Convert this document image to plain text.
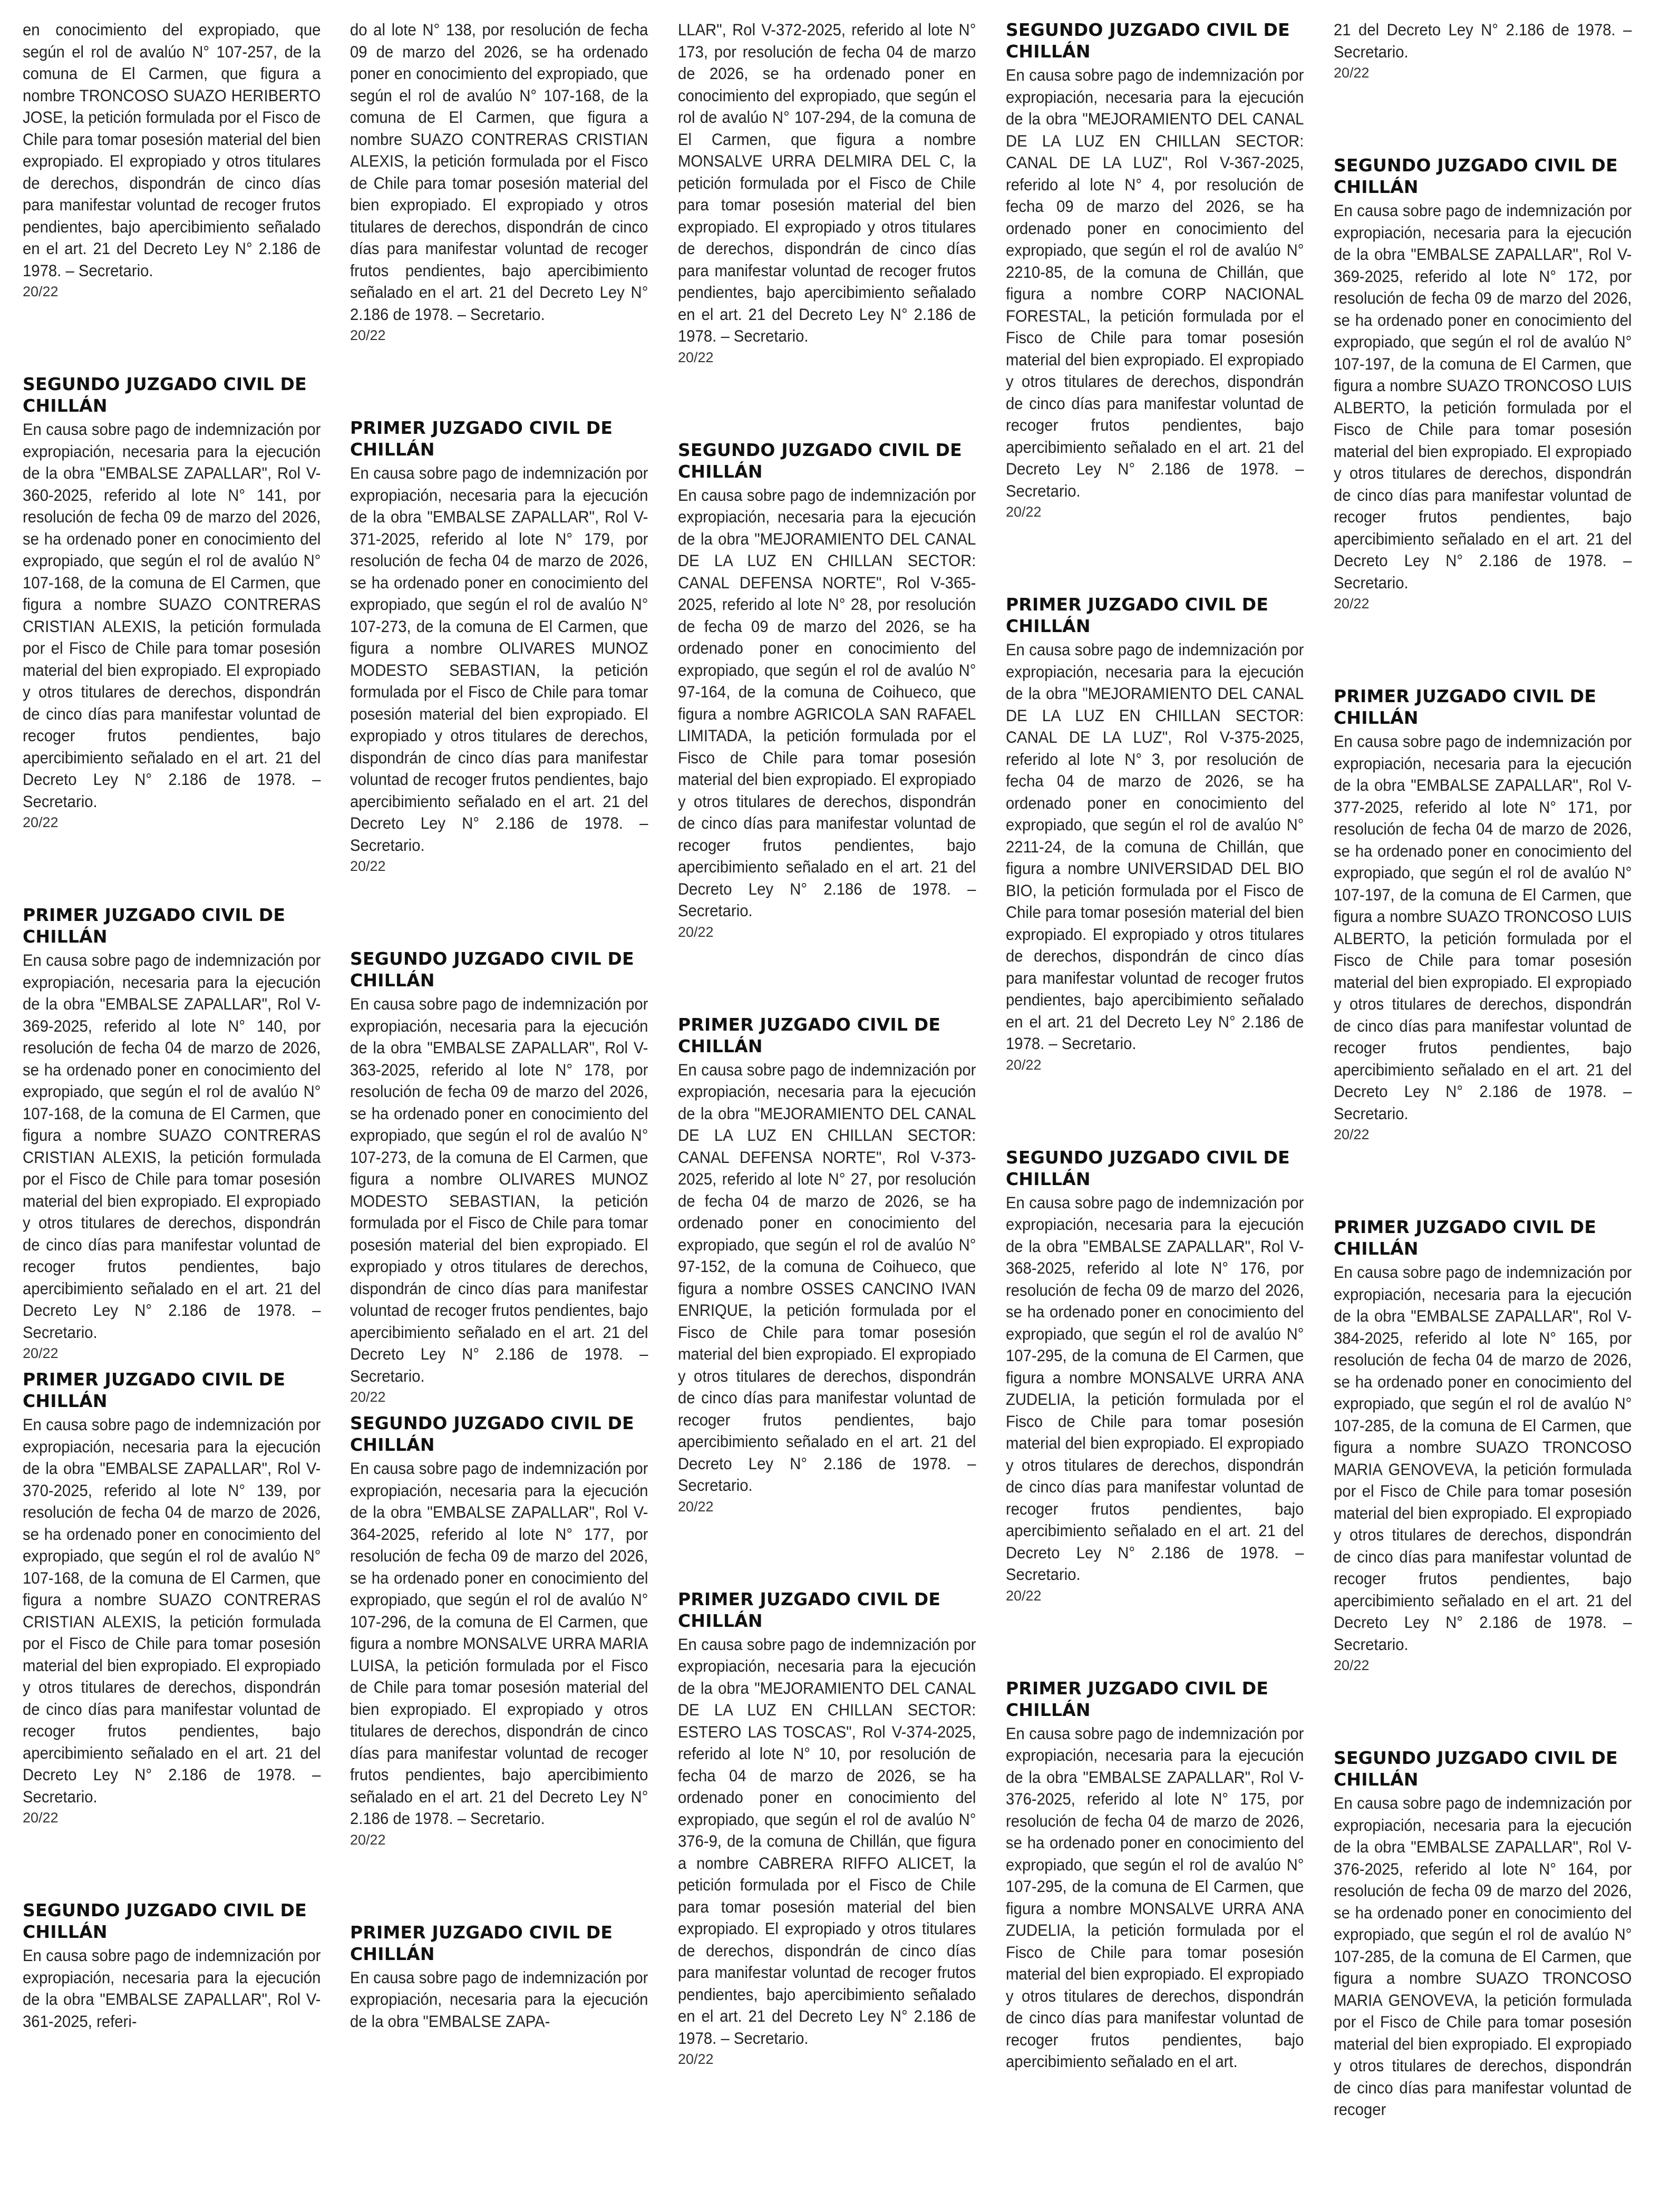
en conocimiento del expropiado, que según el rol de avalúo N° 107-257, de la comuna de El Carmen, que figura a nombre TRONCOSO SUAZO HERIBERTO JOSE, la petición formulada por el Fisco de Chile para tomar posesión material del bien expropiado. El expropiado y otros titulares de derechos, dispondrán de cinco días para manifestar voluntad de recoger frutos pendientes, bajo apercibimiento señalado en el art. 21 del Decreto Ley N° 2.186 de 1978. – Secretario.

20/22

SEGUNDO JUZGADO CIVIL DE CHILLÁN

En causa sobre pago de indemnización por expropiación, necesaria para la ejecución de la obra "EMBALSE ZAPALLAR", Rol V-360-2025, referido al lote N° 141, por resolución de fecha 09 de marzo del 2026, se ha ordenado poner en conocimiento del expropiado, que según el rol de avalúo N° 107-168, de la comuna de El Carmen, que figura a nombre SUAZO CONTRERAS CRISTIAN ALEXIS, la petición formulada por el Fisco de Chile para tomar posesión material del bien expropiado. El expropiado y otros titulares de derechos, dispondrán de cinco días para manifestar voluntad de recoger frutos pendientes, bajo apercibimiento señalado en el art. 21 del Decreto Ley N° 2.186 de 1978. – Secretario.

20/22

PRIMER JUZGADO CIVIL DE CHILLÁN

En causa sobre pago de indemnización por expropiación, necesaria para la ejecución de la obra "EMBALSE ZAPALLAR", Rol V-369-2025, referido al lote N° 140, por resolución de fecha 04 de marzo de 2026, se ha ordenado poner en conocimiento del expropiado, que según el rol de avalúo N° 107-168, de la comuna de El Carmen, que figura a nombre SUAZO CONTRERAS CRISTIAN ALEXIS, la petición formulada por el Fisco de Chile para tomar posesión material del bien expropiado. El expropiado y otros titulares de derechos, dispondrán de cinco días para manifestar voluntad de recoger frutos pendientes, bajo apercibimiento señalado en el art. 21 del Decreto Ley N° 2.186 de 1978. – Secretario.

20/22

PRIMER JUZGADO CIVIL DE CHILLÁN

En causa sobre pago de indemnización por expropiación, necesaria para la ejecución de la obra "EMBALSE ZAPALLAR", Rol V-370-2025, referido al lote N° 139, por resolución de fecha 04 de marzo de 2026, se ha ordenado poner en conocimiento del expropiado, que según el rol de avalúo N° 107-168, de la comuna de El Carmen, que figura a nombre SUAZO CONTRERAS CRISTIAN ALEXIS, la petición formulada por el Fisco de Chile para tomar posesión material del bien expropiado. El expropiado y otros titulares de derechos, dispondrán de cinco días para manifestar voluntad de recoger frutos pendientes, bajo apercibimiento señalado en el art. 21 del Decreto Ley N° 2.186 de 1978. – Secretario.

20/22

SEGUNDO JUZGADO CIVIL DE CHILLÁN

En causa sobre pago de indemnización por expropiación, necesaria para la ejecución de la obra "EMBALSE ZAPALLAR", Rol V-361-2025, referi-

do al lote N° 138, por resolución de fecha 09 de marzo del 2026, se ha ordenado poner en conocimiento del expropiado, que según el rol de avalúo N° 107-168, de la comuna de El Carmen, que figura a nombre SUAZO CONTRERAS CRISTIAN ALEXIS, la petición formulada por el Fisco de Chile para tomar posesión material del bien expropiado. El expropiado y otros titulares de derechos, dispondrán de cinco días para manifestar voluntad de recoger frutos pendientes, bajo apercibimiento señalado en el art. 21 del Decreto Ley N° 2.186 de 1978. – Secretario.

20/22

PRIMER JUZGADO CIVIL DE CHILLÁN

En causa sobre pago de indemnización por expropiación, necesaria para la ejecución de la obra "EMBALSE ZAPALLAR", Rol V-371-2025, referido al lote N° 179, por resolución de fecha 04 de marzo de 2026, se ha ordenado poner en conocimiento del expropiado, que según el rol de avalúo N° 107-273, de la comuna de El Carmen, que figura a nombre OLIVARES MUNOZ MODESTO SEBASTIAN, la petición formulada por el Fisco de Chile para tomar posesión material del bien expropiado. El expropiado y otros titulares de derechos, dispondrán de cinco días para manifestar voluntad de recoger frutos pendientes, bajo apercibimiento señalado en el art. 21 del Decreto Ley N° 2.186 de 1978. – Secretario.

20/22

SEGUNDO JUZGADO CIVIL DE CHILLÁN

En causa sobre pago de indemnización por expropiación, necesaria para la ejecución de la obra "EMBALSE ZAPALLAR", Rol V-363-2025, referido al lote N° 178, por resolución de fecha 09 de marzo del 2026, se ha ordenado poner en conocimiento del expropiado, que según el rol de avalúo N° 107-273, de la comuna de El Carmen, que figura a nombre OLIVARES MUNOZ MODESTO SEBASTIAN, la petición formulada por el Fisco de Chile para tomar posesión material del bien expropiado. El expropiado y otros titulares de derechos, dispondrán de cinco días para manifestar voluntad de recoger frutos pendientes, bajo apercibimiento señalado en el art. 21 del Decreto Ley N° 2.186 de 1978. – Secretario.

20/22

SEGUNDO JUZGADO CIVIL DE CHILLÁN

En causa sobre pago de indemnización por expropiación, necesaria para la ejecución de la obra "EMBALSE ZAPALLAR", Rol V-364-2025, referido al lote N° 177, por resolución de fecha 09 de marzo del 2026, se ha ordenado poner en conocimiento del expropiado, que según el rol de avalúo N° 107-296, de la comuna de El Carmen, que figura a nombre MONSALVE URRA MARIA LUISA, la petición formulada por el Fisco de Chile para tomar posesión material del bien expropiado. El expropiado y otros titulares de derechos, dispondrán de cinco días para manifestar voluntad de recoger frutos pendientes, bajo apercibimiento señalado en el art. 21 del Decreto Ley N° 2.186 de 1978. – Secretario.

20/22

PRIMER JUZGADO CIVIL DE CHILLÁN

En causa sobre pago de indemnización por expropiación, necesaria para la ejecución de la obra "EMBALSE ZAPA-

LLAR", Rol V-372-2025, referido al lote N° 173, por resolución de fecha 04 de marzo de 2026, se ha ordenado poner en conocimiento del expropiado, que según el rol de avalúo N° 107-294, de la comuna de El Carmen, que figura a nombre MONSALVE URRA DELMIRA DEL C, la petición formulada por el Fisco de Chile para tomar posesión material del bien expropiado. El expropiado y otros titulares de derechos, dispondrán de cinco días para manifestar voluntad de recoger frutos pendientes, bajo apercibimiento señalado en el art. 21 del Decreto Ley N° 2.186 de 1978. – Secretario.

20/22

SEGUNDO JUZGADO CIVIL DE CHILLÁN

En causa sobre pago de indemnización por expropiación, necesaria para la ejecución de la obra "MEJORAMIENTO DEL CANAL DE LA LUZ EN CHILLAN SECTOR: CANAL DEFENSA NORTE", Rol V-365-2025, referido al lote N° 28, por resolución de fecha 09 de marzo del 2026, se ha ordenado poner en conocimiento del expropiado, que según el rol de avalúo N° 97-164, de la comuna de Coihueco, que figura a nombre AGRICOLA SAN RAFAEL LIMITADA, la petición formulada por el Fisco de Chile para tomar posesión material del bien expropiado. El expropiado y otros titulares de derechos, dispondrán de cinco días para manifestar voluntad de recoger frutos pendientes, bajo apercibimiento señalado en el art. 21 del Decreto Ley N° 2.186 de 1978. – Secretario.

20/22

PRIMER JUZGADO CIVIL DE CHILLÁN

En causa sobre pago de indemnización por expropiación, necesaria para la ejecución de la obra "MEJORAMIENTO DEL CANAL DE LA LUZ EN CHILLAN SECTOR: CANAL DEFENSA NORTE", Rol V-373-2025, referido al lote N° 27, por resolución de fecha 04 de marzo de 2026, se ha ordenado poner en conocimiento del expropiado, que según el rol de avalúo N° 97-152, de la comuna de Coihueco, que figura a nombre OSSES CANCINO IVAN ENRIQUE, la petición formulada por el Fisco de Chile para tomar posesión material del bien expropiado. El expropiado y otros titulares de derechos, dispondrán de cinco días para manifestar voluntad de recoger frutos pendientes, bajo apercibimiento señalado en el art. 21 del Decreto Ley N° 2.186 de 1978. – Secretario.

20/22

PRIMER JUZGADO CIVIL DE CHILLÁN

En causa sobre pago de indemnización por expropiación, necesaria para la ejecución de la obra "MEJORAMIENTO DEL CANAL DE LA LUZ EN CHILLAN SECTOR: ESTERO LAS TOSCAS", Rol V-374-2025, referido al lote N° 10, por resolución de fecha 04 de marzo de 2026, se ha ordenado poner en conocimiento del expropiado, que según el rol de avalúo N° 376-9, de la comuna de Chillán, que figura a nombre CABRERA RIFFO ALICET, la petición formulada por el Fisco de Chile para tomar posesión material del bien expropiado. El expropiado y otros titulares de derechos, dispondrán de cinco días para manifestar voluntad de recoger frutos pendientes, bajo apercibimiento señalado en el art. 21 del Decreto Ley N° 2.186 de 1978. – Secretario.

20/22

SEGUNDO JUZGADO CIVIL DE CHILLÁN

En causa sobre pago de indemnización por expropiación, necesaria para la ejecución de la obra "MEJORAMIENTO DEL CANAL DE LA LUZ EN CHILLAN SECTOR: CANAL DE LA LUZ", Rol V-367-2025, referido al lote N° 4, por resolución de fecha 09 de marzo del 2026, se ha ordenado poner en conocimiento del expropiado, que según el rol de avalúo N° 2210-85, de la comuna de Chillán, que figura a nombre CORP NACIONAL FORESTAL, la petición formulada por el Fisco de Chile para tomar posesión material del bien expropiado. El expropiado y otros titulares de derechos, dispondrán de cinco días para manifestar voluntad de recoger frutos pendientes, bajo apercibimiento señalado en el art. 21 del Decreto Ley N° 2.186 de 1978. – Secretario.

20/22

PRIMER JUZGADO CIVIL DE CHILLÁN

En causa sobre pago de indemnización por expropiación, necesaria para la ejecución de la obra "MEJORAMIENTO DEL CANAL DE LA LUZ EN CHILLAN SECTOR: CANAL DE LA LUZ", Rol V-375-2025, referido al lote N° 3, por resolución de fecha 04 de marzo de 2026, se ha ordenado poner en conocimiento del expropiado, que según el rol de avalúo N° 2211-24, de la comuna de Chillán, que figura a nombre UNIVERSIDAD DEL BIO BIO, la petición formulada por el Fisco de Chile para tomar posesión material del bien expropiado. El expropiado y otros titulares de derechos, dispondrán de cinco días para manifestar voluntad de recoger frutos pendientes, bajo apercibimiento señalado en el art. 21 del Decreto Ley N° 2.186 de 1978. – Secretario.

20/22

SEGUNDO JUZGADO CIVIL DE CHILLÁN

En causa sobre pago de indemnización por expropiación, necesaria para la ejecución de la obra "EMBALSE ZAPALLAR", Rol V-368-2025, referido al lote N° 176, por resolución de fecha 09 de marzo del 2026, se ha ordenado poner en conocimiento del expropiado, que según el rol de avalúo N° 107-295, de la comuna de El Carmen, que figura a nombre MONSALVE URRA ANA ZUDELIA, la petición formulada por el Fisco de Chile para tomar posesión material del bien expropiado. El expropiado y otros titulares de derechos, dispondrán de cinco días para manifestar voluntad de recoger frutos pendientes, bajo apercibimiento señalado en el art. 21 del Decreto Ley N° 2.186 de 1978. – Secretario.

20/22

PRIMER JUZGADO CIVIL DE CHILLÁN

En causa sobre pago de indemnización por expropiación, necesaria para la ejecución de la obra "EMBALSE ZAPALLAR", Rol V-376-2025, referido al lote N° 175, por resolución de fecha 04 de marzo de 2026, se ha ordenado poner en conocimiento del expropiado, que según el rol de avalúo N° 107-295, de la comuna de El Carmen, que figura a nombre MONSALVE URRA ANA ZUDELIA, la petición formulada por el Fisco de Chile para tomar posesión material del bien expropiado. El expropiado y otros titulares de derechos, dispondrán de cinco días para manifestar voluntad de recoger frutos pendientes, bajo apercibimiento señalado en el art.

21 del Decreto Ley N° 2.186 de 1978. – Secretario.

20/22

SEGUNDO JUZGADO CIVIL DE CHILLÁN

En causa sobre pago de indemnización por expropiación, necesaria para la ejecución de la obra "EMBALSE ZAPALLAR", Rol V-369-2025, referido al lote N° 172, por resolución de fecha 09 de marzo del 2026, se ha ordenado poner en conocimiento del expropiado, que según el rol de avalúo N° 107-197, de la comuna de El Carmen, que figura a nombre SUAZO TRONCOSO LUIS ALBERTO, la petición formulada por el Fisco de Chile para tomar posesión material del bien expropiado. El expropiado y otros titulares de derechos, dispondrán de cinco días para manifestar voluntad de recoger frutos pendientes, bajo apercibimiento señalado en el art. 21 del Decreto Ley N° 2.186 de 1978. – Secretario.

20/22

PRIMER JUZGADO CIVIL DE CHILLÁN

En causa sobre pago de indemnización por expropiación, necesaria para la ejecución de la obra "EMBALSE ZAPALLAR", Rol V-377-2025, referido al lote N° 171, por resolución de fecha 04 de marzo de 2026, se ha ordenado poner en conocimiento del expropiado, que según el rol de avalúo N° 107-197, de la comuna de El Carmen, que figura a nombre SUAZO TRONCOSO LUIS ALBERTO, la petición formulada por el Fisco de Chile para tomar posesión material del bien expropiado. El expropiado y otros titulares de derechos, dispondrán de cinco días para manifestar voluntad de recoger frutos pendientes, bajo apercibimiento señalado en el art. 21 del Decreto Ley N° 2.186 de 1978. – Secretario.

20/22

PRIMER JUZGADO CIVIL DE CHILLÁN

En causa sobre pago de indemnización por expropiación, necesaria para la ejecución de la obra "EMBALSE ZAPALLAR", Rol V-384-2025, referido al lote N° 165, por resolución de fecha 04 de marzo de 2026, se ha ordenado poner en conocimiento del expropiado, que según el rol de avalúo N° 107-285, de la comuna de El Carmen, que figura a nombre SUAZO TRONCOSO MARIA GENOVEVA, la petición formulada por el Fisco de Chile para tomar posesión material del bien expropiado. El expropiado y otros titulares de derechos, dispondrán de cinco días para manifestar voluntad de recoger frutos pendientes, bajo apercibimiento señalado en el art. 21 del Decreto Ley N° 2.186 de 1978. – Secretario.

20/22

SEGUNDO JUZGADO CIVIL DE CHILLÁN

En causa sobre pago de indemnización por expropiación, necesaria para la ejecución de la obra "EMBALSE ZAPALLAR", Rol V-376-2025, referido al lote N° 164, por resolución de fecha 09 de marzo del 2026, se ha ordenado poner en conocimiento del expropiado, que según el rol de avalúo N° 107-285, de la comuna de El Carmen, que figura a nombre SUAZO TRONCOSO MARIA GENOVEVA, la petición formulada por el Fisco de Chile para tomar posesión material del bien expropiado. El expropiado y otros titulares de derechos, dispondrán de cinco días para manifestar voluntad de recoger
